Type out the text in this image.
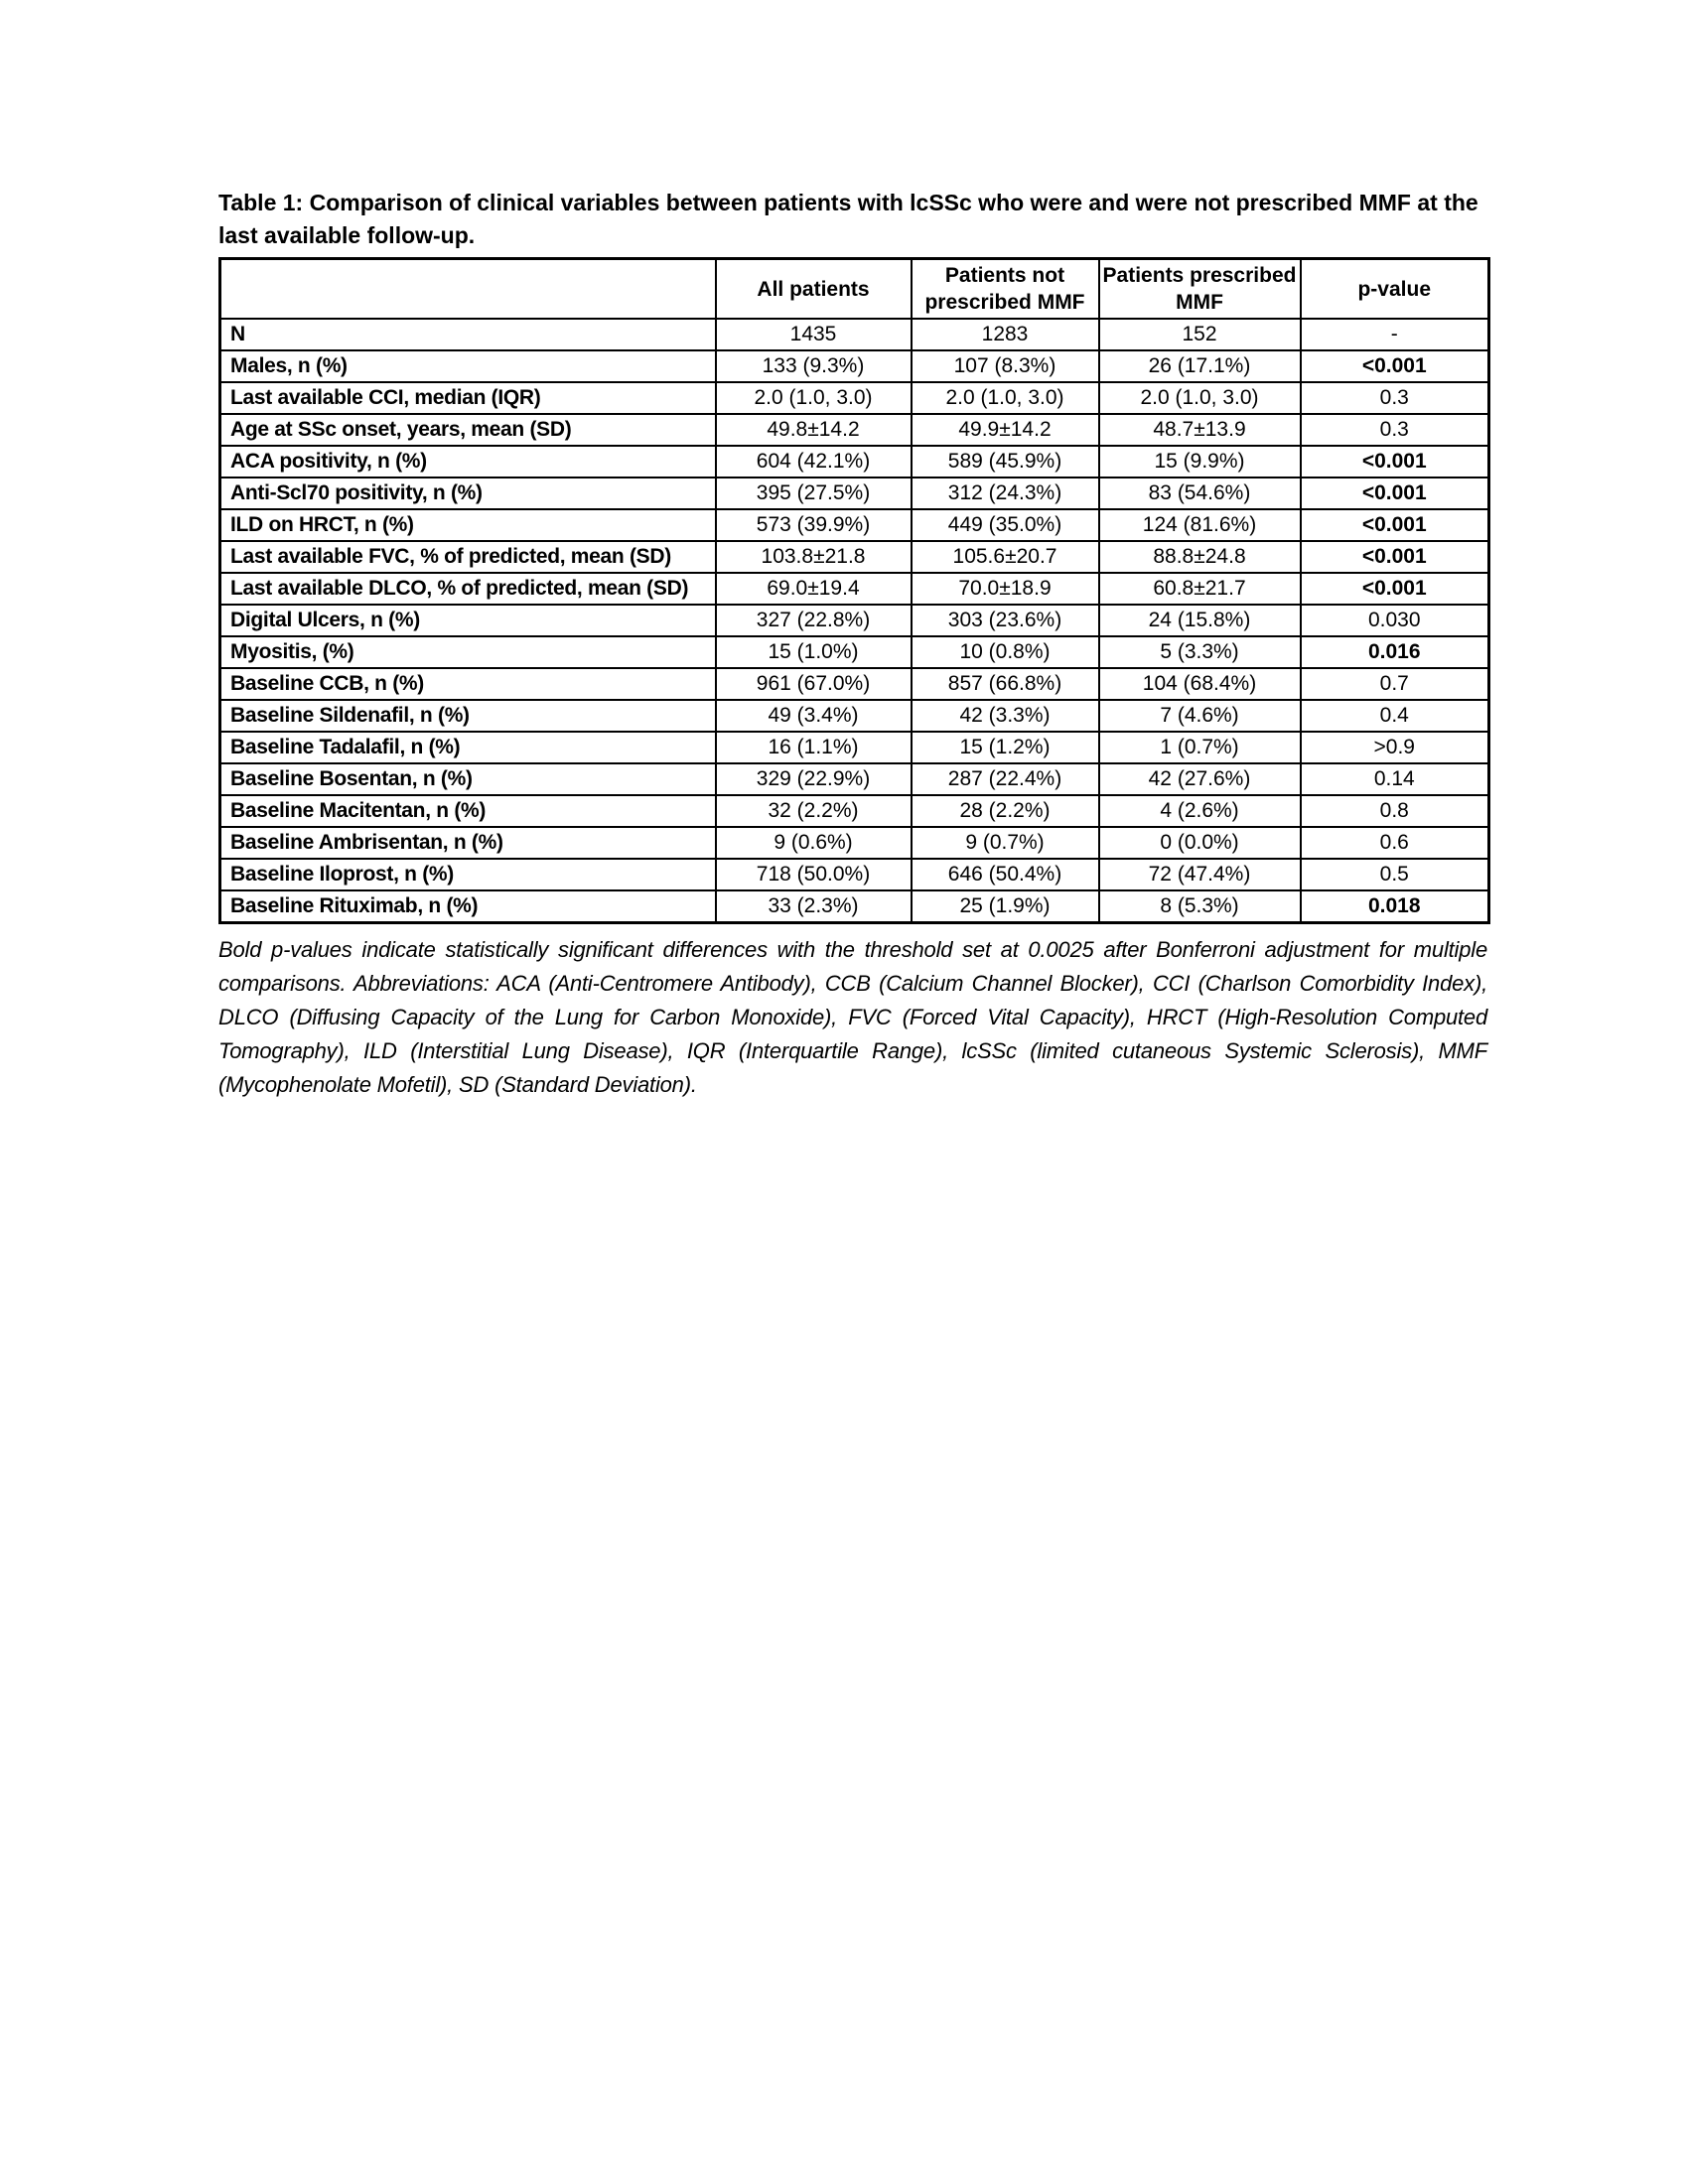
Table 1: Comparison of clinical variables between patients with lcSSc who were and were not prescribed MMF at the last available follow-up.

	All patients	Patients not prescribed MMF	Patients prescribed MMF	p-value
N	1435	1283	152	-
Males, n (%)	133 (9.3%)	107 (8.3%)	26 (17.1%)	<0.001
Last available CCI, median (IQR)	2.0 (1.0, 3.0)	2.0 (1.0, 3.0)	2.0 (1.0, 3.0)	0.3
Age at SSc onset, years, mean (SD)	49.8±14.2	49.9±14.2	48.7±13.9	0.3
ACA positivity, n (%)	604 (42.1%)	589 (45.9%)	15 (9.9%)	<0.001
Anti-Scl70 positivity, n (%)	395 (27.5%)	312 (24.3%)	83 (54.6%)	<0.001
ILD on HRCT, n (%)	573 (39.9%)	449 (35.0%)	124 (81.6%)	<0.001
Last available FVC, % of predicted, mean (SD)	103.8±21.8	105.6±20.7	88.8±24.8	<0.001
Last available DLCO, % of predicted, mean (SD)	69.0±19.4	70.0±18.9	60.8±21.7	<0.001
Digital Ulcers, n (%)	327 (22.8%)	303 (23.6%)	24 (15.8%)	0.030
Myositis, (%)	15 (1.0%)	10 (0.8%)	5 (3.3%)	0.016
Baseline CCB, n (%)	961 (67.0%)	857 (66.8%)	104 (68.4%)	0.7
Baseline Sildenafil, n (%)	49 (3.4%)	42 (3.3%)	7 (4.6%)	0.4
Baseline Tadalafil, n (%)	16 (1.1%)	15 (1.2%)	1 (0.7%)	>0.9
Baseline Bosentan, n (%)	329 (22.9%)	287 (22.4%)	42 (27.6%)	0.14
Baseline Macitentan, n (%)	32 (2.2%)	28 (2.2%)	4 (2.6%)	0.8
Baseline Ambrisentan, n (%)	9 (0.6%)	9 (0.7%)	0 (0.0%)	0.6
Baseline Iloprost, n (%)	718 (50.0%)	646 (50.4%)	72 (47.4%)	0.5
Baseline Rituximab, n (%)	33 (2.3%)	25 (1.9%)	8 (5.3%)	0.018

Bold p-values indicate statistically significant differences with the threshold set at 0.0025 after Bonferroni adjustment for multiple comparisons. Abbreviations: ACA (Anti-Centromere Antibody), CCB (Calcium Channel Blocker), CCI (Charlson Comorbidity Index), DLCO (Diffusing Capacity of the Lung for Carbon Monoxide), FVC (Forced Vital Capacity), HRCT (High-Resolution Computed Tomography), ILD (Interstitial Lung Disease), IQR (Interquartile Range), lcSSc (limited cutaneous Systemic Sclerosis), MMF (Mycophenolate Mofetil), SD (Standard Deviation).
